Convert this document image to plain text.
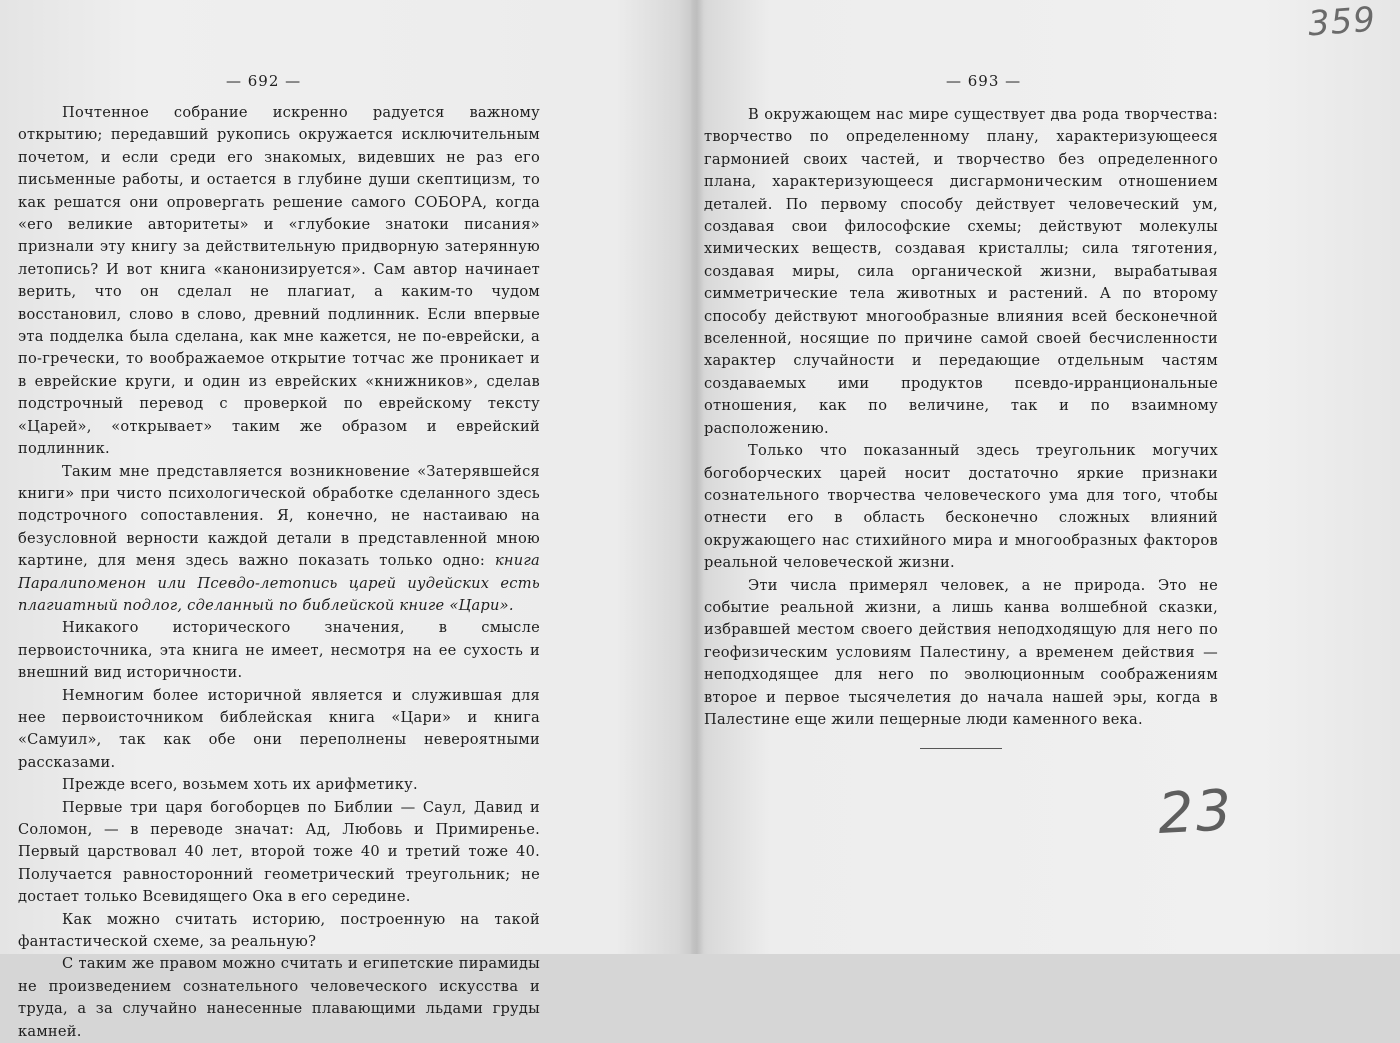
— 692 —

Почтенное собрание искренно радуется важному открытию; передавший рукопись окружается исключительным почетом, и если среди его знакомых, видевших не раз его письменные работы, и остается в глубине души скептицизм, то как решатся они опровергать решение самого СОБОРА, когда «его великие авторитеты» и «глубокие знатоки писания» признали эту книгу за действительную придворную затерянную летопись? И вот книга «канонизируется». Сам автор начинает верить, что он сделал не плагиат, а каким-то чудом восстановил, слово в слово, древний подлинник. Если впервые эта подделка была сделана, как мне кажется, не по-еврейски, а по-гречески, то воображаемое открытие тотчас же проникает и в еврейские круги, и один из еврейских «книжников», сделав подстрочный перевод с проверкой по еврейскому тексту «Царей», «открывает» таким же образом и еврейский подлинник.

Таким мне представляется возникновение «Затерявшейся книги» при чисто психологической обработке сделанного здесь подстрочного сопоставления. Я, конечно, не настаиваю на безусловной верности каждой детали в представленной мною картине, для меня здесь важно показать только одно: книга Паралипоменон или Псевдо-летопись царей иудейских есть плагиатный подлог, сделанный по библейской книге «Цари».

Никакого исторического значения, в смысле первоисточника, эта книга не имеет, несмотря на ее сухость и внешний вид историчности.

Немногим более историчной является и служившая для нее первоисточником библейская книга «Цари» и книга «Самуил», так как обе они переполнены невероятными рассказами.

Прежде всего, возьмем хоть их арифметику.

Первые три царя богоборцев по Библии — Саул, Давид и Соломон, — в переводе значат: Ад, Любовь и Примиренье. Первый царствовал 40 лет, второй тоже 40 и третий тоже 40. Получается равносторонний геометрический треугольник; не достает только Всевидящего Ока в его середине.

Как можно считать историю, построенную на такой фантастической схеме, за реальную?

С таким же правом можно считать и египетские пирамиды не произведением сознательного человеческого искусства и труда, а за случайно нанесенные плавающими льдами груды камней.

— 693 —

В окружающем нас мире существует два рода творчества: творчество по определенному плану, характеризующееся гармонией своих частей, и творчество без определенного плана, характеризующееся дисгармоническим отношением деталей. По первому способу действует человеческий ум, создавая свои философские схемы; действуют молекулы химических веществ, создавая кристаллы; сила тяготения, создавая миры, сила органической жизни, вырабатывая симметрические тела животных и растений. А по второму способу действуют многообразные влияния всей бесконечной вселенной, носящие по причине самой своей бесчисленности характер случайности и передающие отдельным частям создаваемых ими продуктов псевдо-ирранциональные отношения, как по величине, так и по взаимному расположению.

Только что показанный здесь треугольник могучих богоборческих царей носит достаточно яркие признаки сознательного творчества человеческого ума для того, чтобы отнести его в область бесконечно сложных влияний окружающего нас стихийного мира и многообразных факторов реальной человеческой жизни.

Эти числа примерял человек, а не природа. Это не событие реальной жизни, а лишь канва волшебной сказки, избравшей местом своего действия неподходящую для него по геофизическим условиям Палестину, а временем действия — неподходящее для него по эволюционным соображениям второе и первое тысячелетия до начала нашей эры, когда в Палестине еще жили пещерные люди каменного века.

359
23
